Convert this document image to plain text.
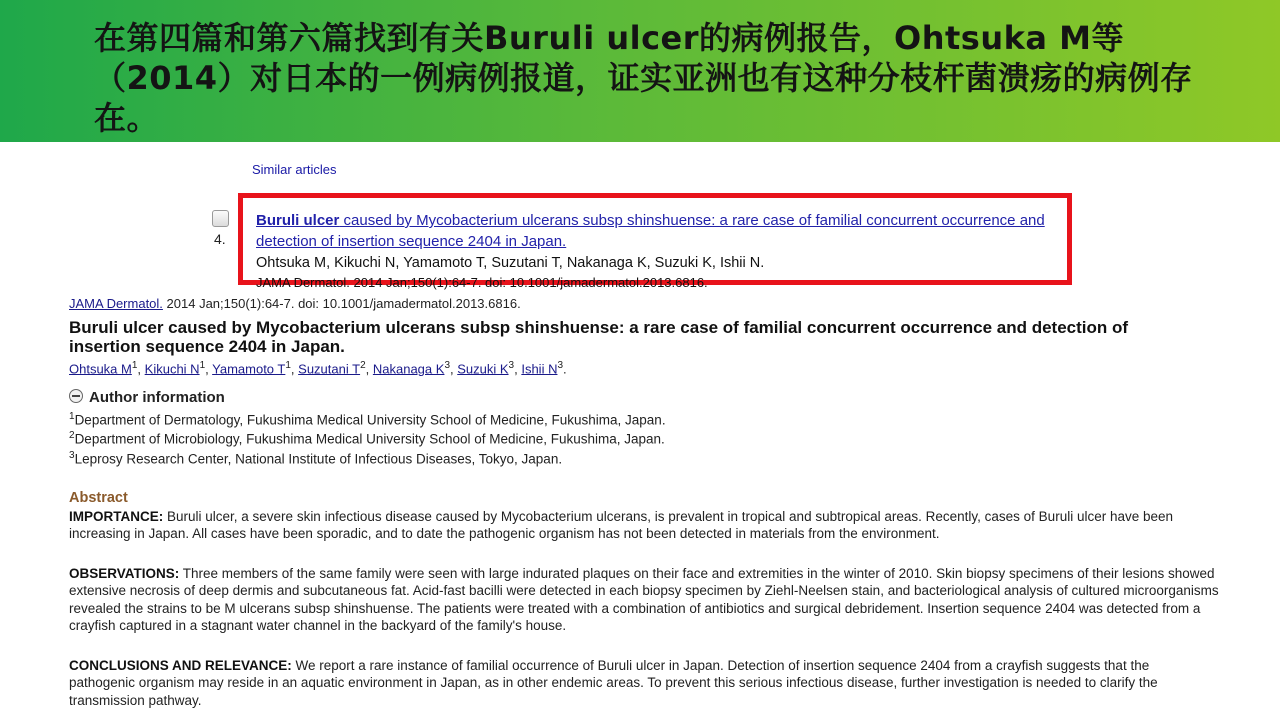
在第四篇和第六篇找到有关Buruli ulcer的病例报告，Ohtsuka M等（2014）对日本的一例病例报道，证实亚洲也有这种分枝杆菌溃疡的病例存在。

Similar articles
4.
Buruli ulcer caused by Mycobacterium ulcerans subsp shinshuense: a rare case of familial concurrent occurrence and detection of insertion sequence 2404 in Japan.
Ohtsuka M, Kikuchi N, Yamamoto T, Suzutani T, Nakanaga K, Suzuki K, Ishii N.
JAMA Dermatol. 2014 Jan;150(1):64-7. doi: 10.1001/jamadermatol.2013.6816.
JAMA Dermatol. 2014 Jan;150(1):64-7. doi: 10.1001/jamadermatol.2013.6816.
Buruli ulcer caused by Mycobacterium ulcerans subsp shinshuense: a rare case of familial concurrent occurrence and detection of insertion sequence 2404 in Japan.
Ohtsuka $M^1$, Kikuchi $N^1$, Yamamoto $T^1$, Suzutani $T^2$, Nakanaga $K^3$, Suzuki $K^3$, Ishii $N^3$.
Author information
$^1$Department of Dermatology, Fukushima Medical University School of Medicine, Fukushima, Japan.
$^2$Department of Microbiology, Fukushima Medical University School of Medicine, Fukushima, Japan.
$^3$Leprosy Research Center, National Institute of Infectious Diseases, Tokyo, Japan.
Abstract

IMPORTANCE: Buruli ulcer, a severe skin infectious disease caused by Mycobacterium ulcerans, is prevalent in tropical and subtropical areas. Recently, cases of Buruli ulcer have been increasing in Japan. All cases have been sporadic, and to date the pathogenic organism has not been detected in materials from the environment.

OBSERVATIONS: Three members of the same family were seen with large indurated plaques on their face and extremities in the winter of 2010. Skin biopsy specimens of their lesions showed extensive necrosis of deep dermis and subcutaneous fat. Acid-fast bacilli were detected in each biopsy specimen by Ziehl-Neelsen stain, and bacteriological analysis of cultured microorganisms revealed the strains to be M ulcerans subsp shinshuense. The patients were treated with a combination of antibiotics and surgical debridement. Insertion sequence 2404 was detected from a crayfish captured in a stagnant water channel in the backyard of the family's house.

CONCLUSIONS AND RELEVANCE: We report a rare instance of familial occurrence of Buruli ulcer in Japan. Detection of insertion sequence 2404 from a crayfish suggests that the pathogenic organism may reside in an aquatic environment in Japan, as in other endemic areas. To prevent this serious infectious disease, further investigation is needed to clarify the transmission pathway.
